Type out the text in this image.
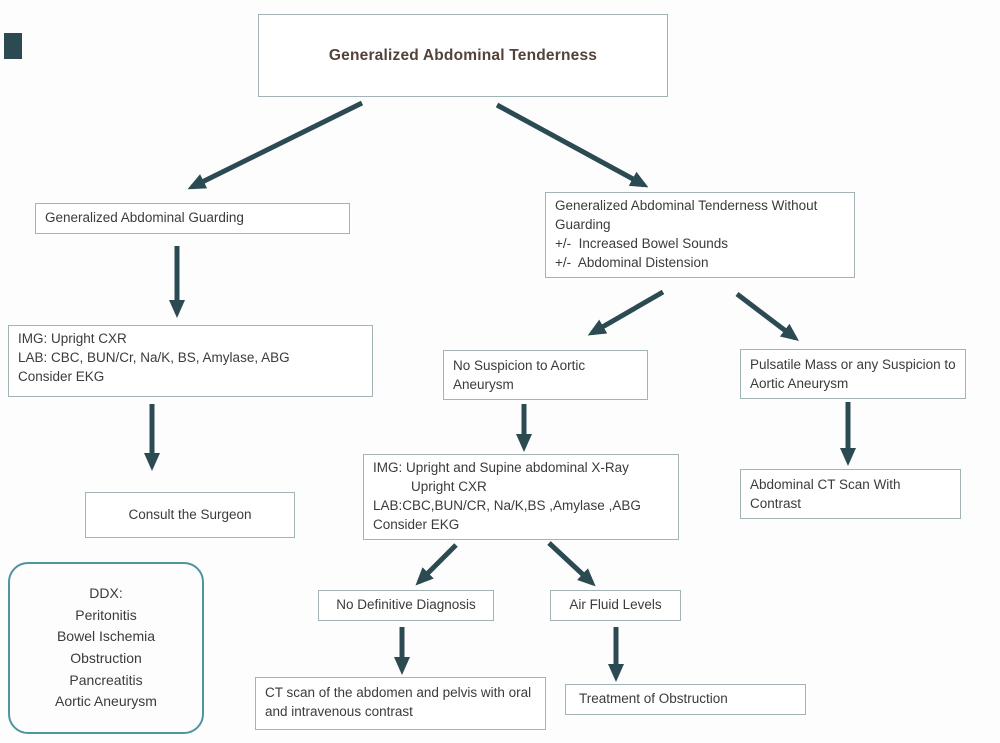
Generalized Abdominal Tenderness
Generalized Abdominal Guarding
Generalized Abdominal Tenderness Without Guarding
+/-  Increased Bowel Sounds
+/-  Abdominal Distension
IMG: Upright CXR
LAB: CBC, BUN/Cr, Na/K, BS, Amylase, ABG
Consider EKG
Consult the Surgeon
DDX:
Peritonitis
Bowel Ischemia
Obstruction
Pancreatitis
Aortic Aneurysm
No Suspicion to Aortic Aneurysm
Pulsatile Mass or any Suspicion to Aortic Aneurysm
IMG: Upright and Supine abdominal X-Ray
Upright CXR
LAB:CBC,BUN/CR, Na/K,BS ,Amylase ,ABG
Consider EKG
Abdominal CT Scan With Contrast
No Definitive Diagnosis	Air Fluid Levels
CT scan of the abdomen and pelvis with oral and intravenous contrast
Treatment of Obstruction
